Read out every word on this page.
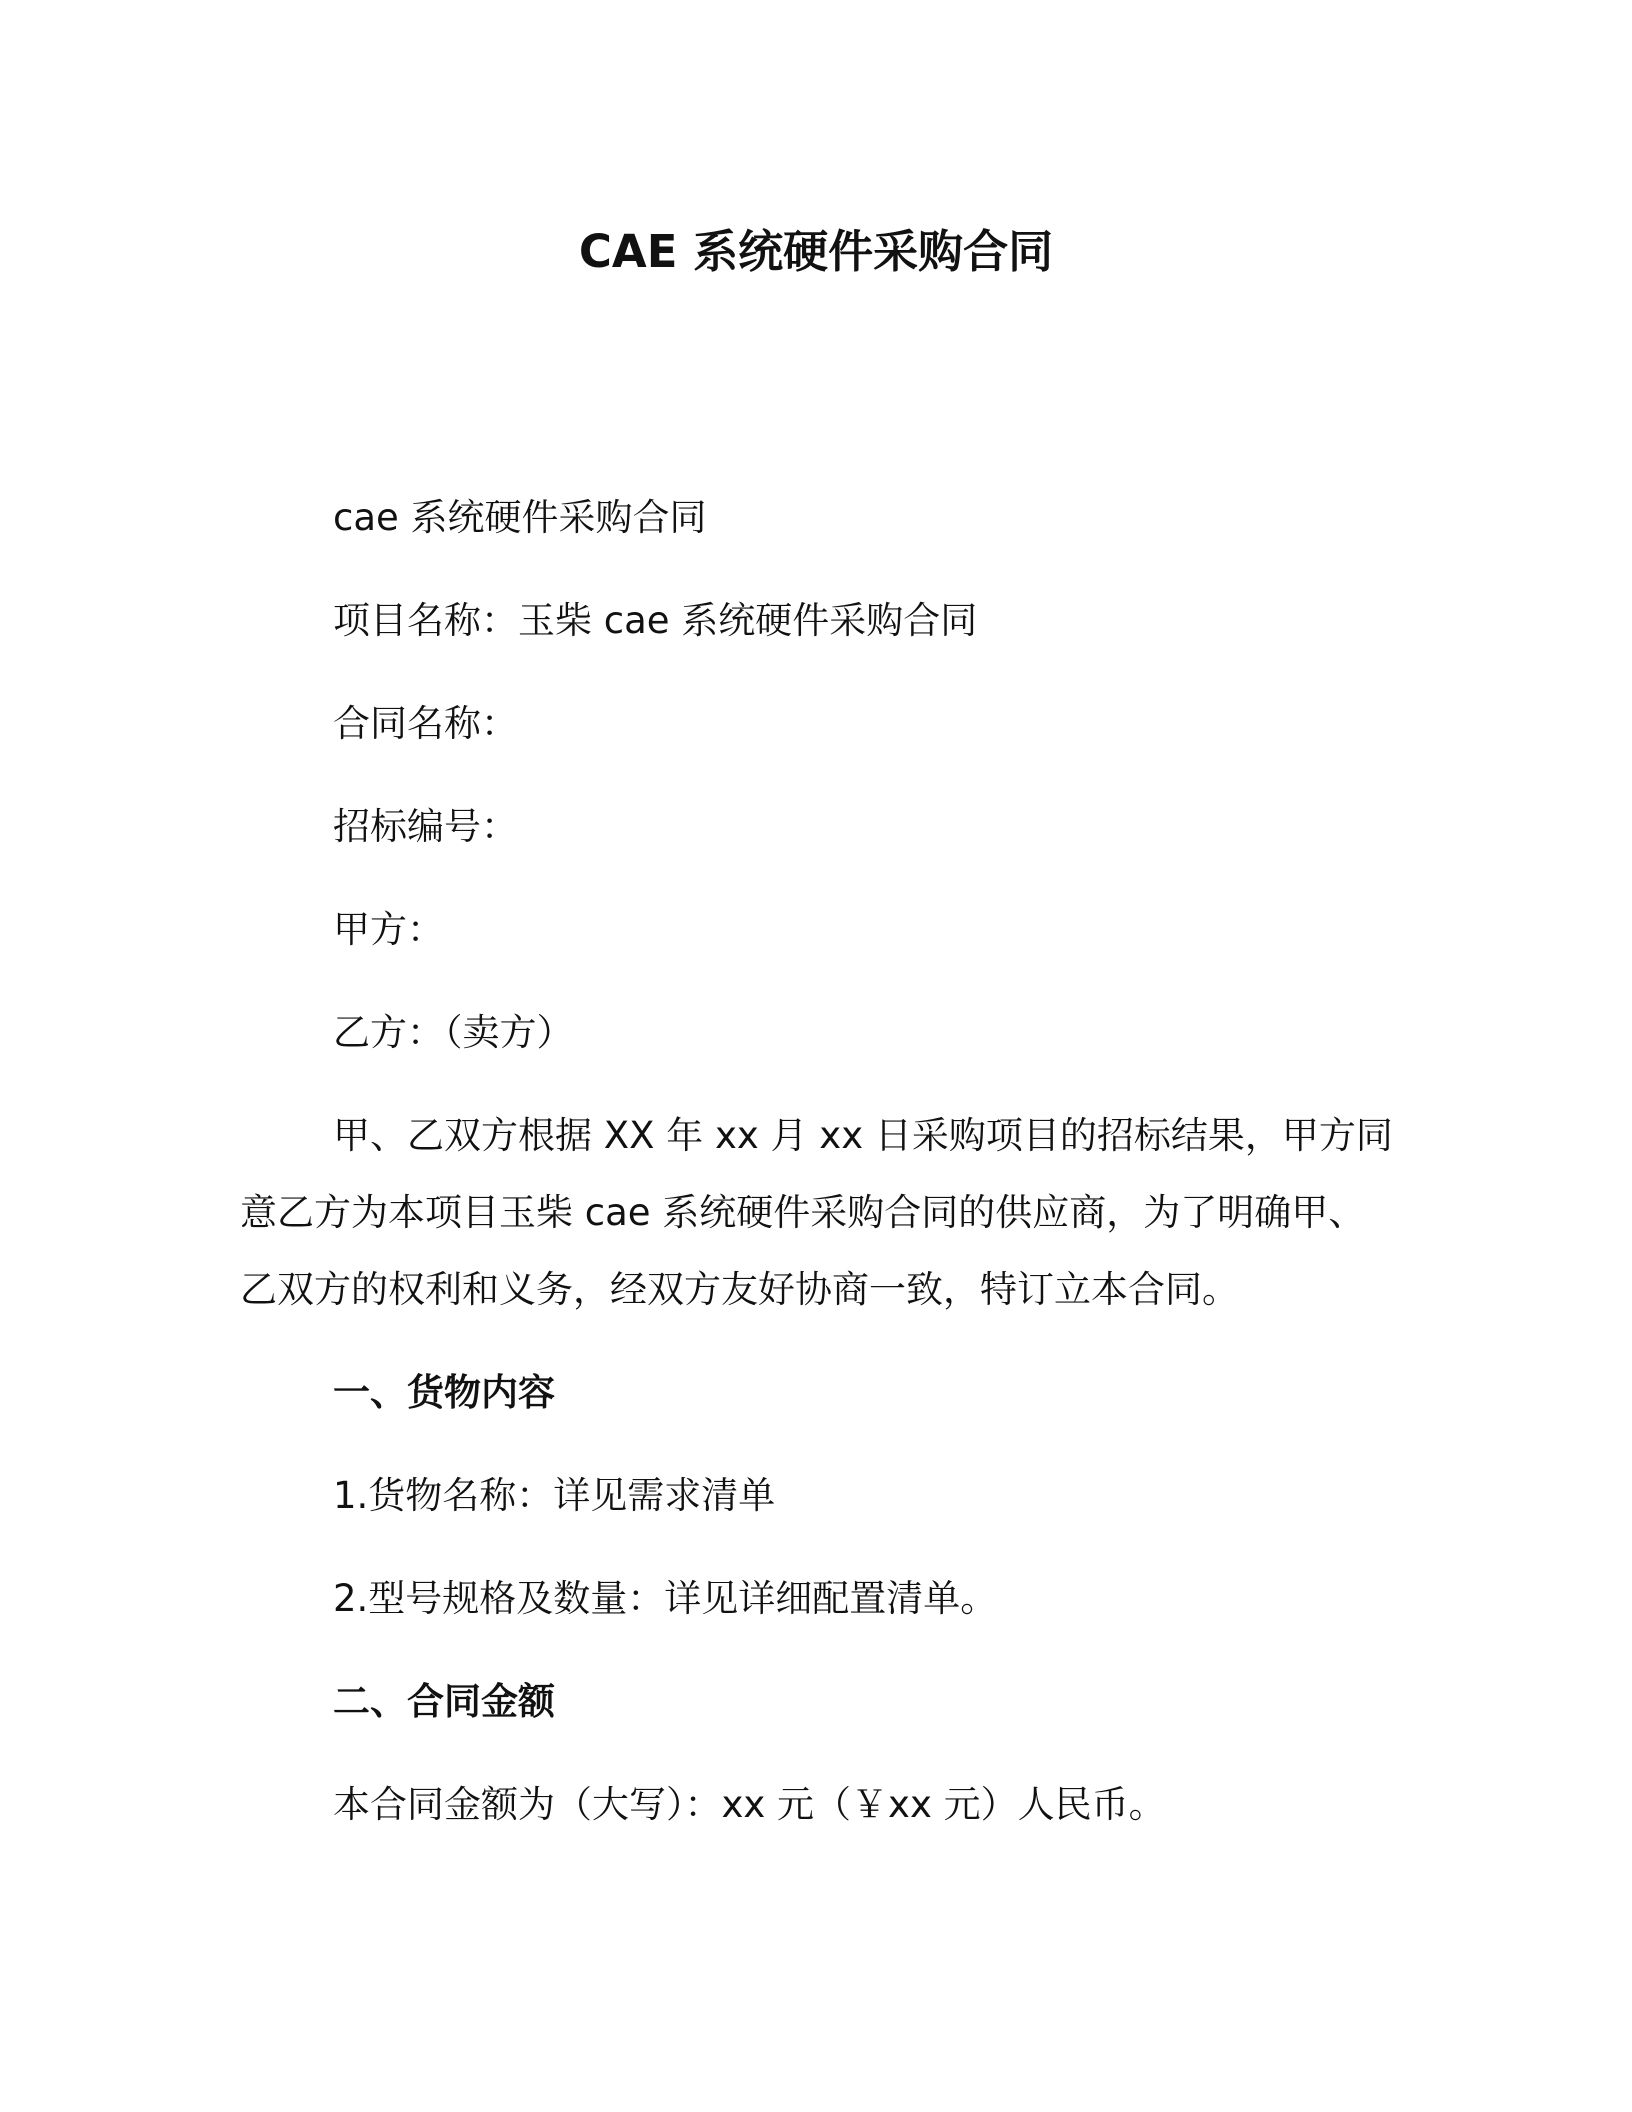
CAE 系统硬件采购合同
cae 系统硬件采购合同
项目名称：玉柴 cae 系统硬件采购合同
合同名称：
招标编号：
甲方：
乙方：（卖方）
甲、乙双方根据 XX 年 xx 月 xx 日采购项目的招标结果，甲方同
意乙方为本项目玉柴 cae 系统硬件采购合同的供应商，为了明确甲、
乙双方的权利和义务，经双方友好协商一致，特订立本合同。
一、货物内容
1.货物名称：详见需求清单
2.型号规格及数量：详见详细配置清单。
二、合同金额
本合同金额为（大写）：xx 元（￥xx 元）人民币。
